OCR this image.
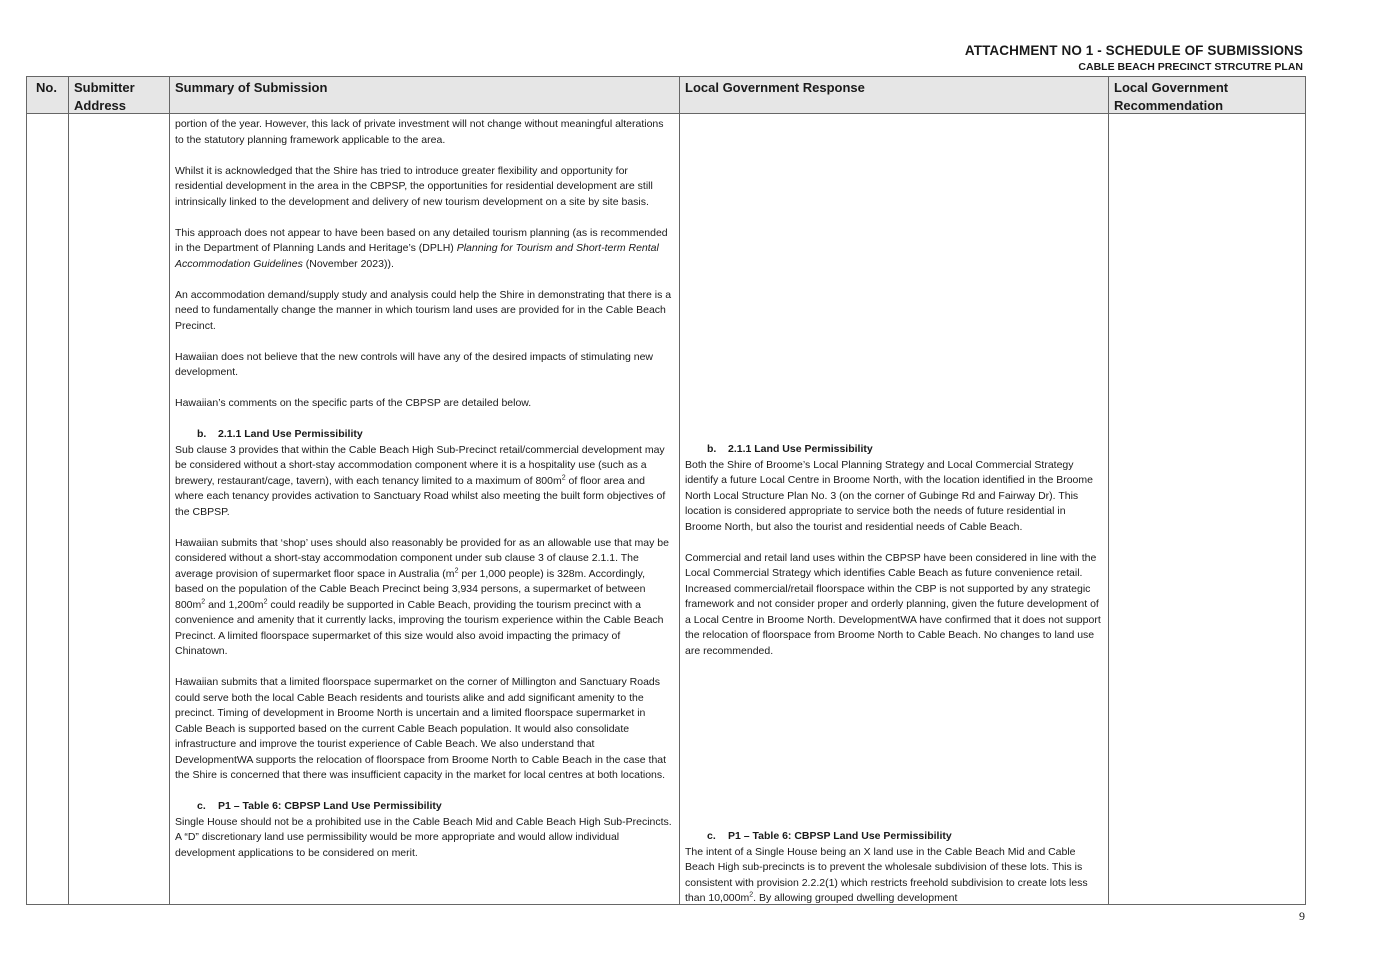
ATTACHMENT NO 1 - SCHEDULE OF SUBMISSIONS
CABLE BEACH PRECINCT STRCUTRE PLAN
No. Submitter
Address
Summary of Submission	Local Government Response	Local Government
Recommendation

portion of the year. However, this lack of private investment will not change without meaningful alterations to the statutory planning framework applicable to the area.

Whilst it is acknowledged that the Shire has tried to introduce greater flexibility and opportunity for residential development in the area in the CBPSP, the opportunities for residential development are still intrinsically linked to the development and delivery of new tourism development on a site by site basis.

This approach does not appear to have been based on any detailed tourism planning (as is recommended in the Department of Planning Lands and Heritage’s (DPLH) Planning for Tourism and Short-term Rental Accommodation Guidelines (November 2023)).

An accommodation demand/supply study and analysis could help the Shire in demonstrating that there is a need to fundamentally change the manner in which tourism land uses are provided for in the Cable Beach Precinct.

Hawaiian does not believe that the new controls will have any of the desired impacts of stimulating new development.

Hawaiian’s comments on the specific parts of the CBPSP are detailed below.

b. 2.1.1 Land Use Permissibility

Sub clause 3 provides that within the Cable Beach High Sub-Precinct retail/commercial development may be considered without a short-stay accommodation component where it is a hospitality use (such as a brewery, restaurant/cage, tavern), with each tenancy limited to a maximum of $800m^2$ of floor area and where each tenancy provides activation to Sanctuary Road whilst also meeting the built form objectives of the CBPSP.

Hawaiian submits that ‘shop’ uses should also reasonably be provided for as an allowable use that may be considered without a short-stay accommodation component under sub clause 3 of clause 2.1.1. The average provision of supermarket floor space in Australia ($m^2$ per 1,000 people) is 328m. Accordingly, based on the population of the Cable Beach Precinct being 3,934 persons, a supermarket of between $800m^2$ and $1,200m^2$ could readily be supported in Cable Beach, providing the tourism precinct with a convenience and amenity that it currently lacks, improving the tourism experience within the Cable Beach Precinct. A limited floorspace supermarket of this size would also avoid impacting the primacy of Chinatown.

Hawaiian submits that a limited floorspace supermarket on the corner of Millington and Sanctuary Roads could serve both the local Cable Beach residents and tourists alike and add significant amenity to the precinct. Timing of development in Broome North is uncertain and a limited floorspace supermarket in Cable Beach is supported based on the current Cable Beach population. It would also consolidate infrastructure and improve the tourist experience of Cable Beach. We also understand that DevelopmentWA supports the relocation of floorspace from Broome North to Cable Beach in the case that the Shire is concerned that there was insufficient capacity in the market for local centres at both locations.

c. P1 – Table 6: CBPSP Land Use Permissibility

Single House should not be a prohibited use in the Cable Beach Mid and Cable Beach High Sub-Precincts. A “D” discretionary land use permissibility would be more appropriate and would allow individual development applications to be considered on merit.

b. 2.1.1 Land Use Permissibility

Both the Shire of Broome’s Local Planning Strategy and Local Commercial Strategy identify a future Local Centre in Broome North, with the location identified in the Broome North Local Structure Plan No. 3 (on the corner of Gubinge Rd and Fairway Dr). This location is considered appropriate to service both the needs of future residential in Broome North, but also the tourist and residential needs of Cable Beach.

Commercial and retail land uses within the CBPSP have been considered in line with the Local Commercial Strategy which identifies Cable Beach as future convenience retail. Increased commercial/retail floorspace within the CBP is not supported by any strategic framework and not consider proper and orderly planning, given the future development of a Local Centre in Broome North. DevelopmentWA have confirmed that it does not support the relocation of floorspace from Broome North to Cable Beach. No changes to land use are recommended.

c. P1 – Table 6: CBPSP Land Use Permissibility

The intent of a Single House being an X land use in the Cable Beach Mid and Cable Beach High sub-precincts is to prevent the wholesale subdivision of these lots. This is consistent with provision 2.2.2(1) which restricts freehold subdivision to create lots less than $10,000m^2$. By allowing grouped dwelling development

9
